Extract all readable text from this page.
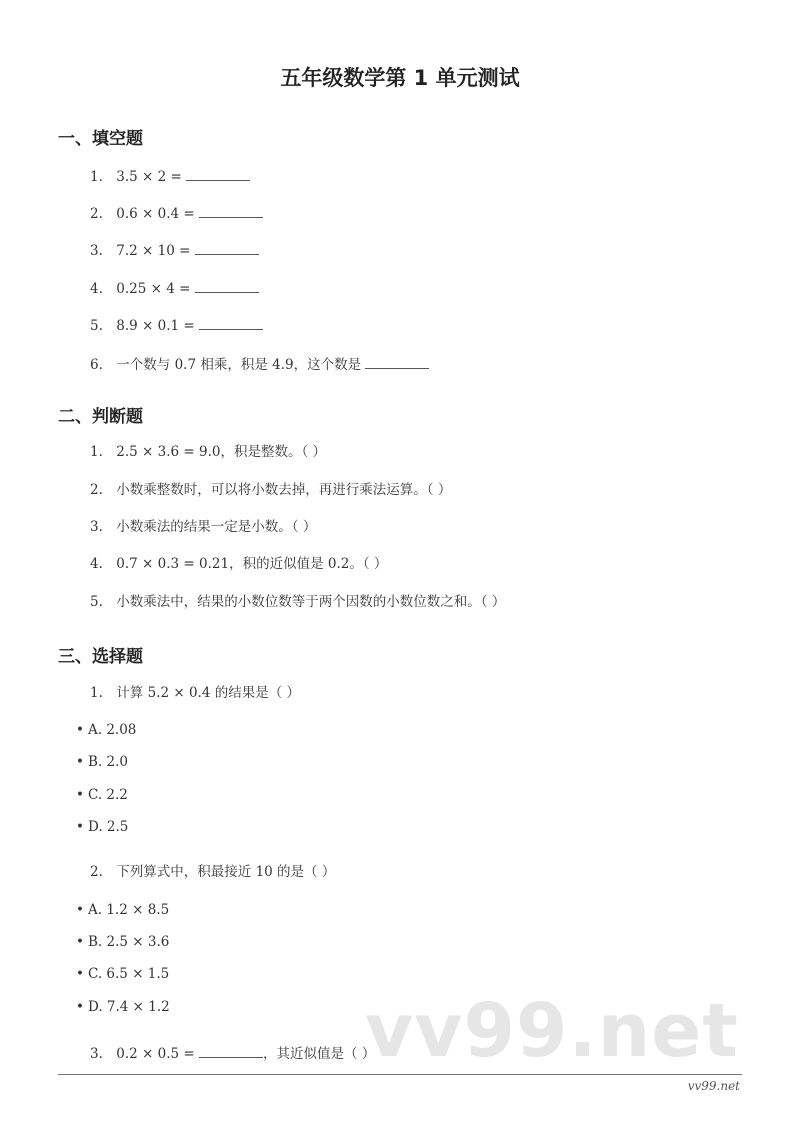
五年级数学第 1 单元测试
一、填空题
1. 3.5 × 2 =
2. 0.6 × 0.4 =
3. 7.2 × 10 =
4. 0.25 × 4 =
5. 8.9 × 0.1 =
6. 一个数与 0.7 相乘，积是 4.9，这个数是
二、判断题
1. 2.5 × 3.6 = 9.0，积是整数。（ ）
2. 小数乘整数时，可以将小数去掉，再进行乘法运算。（ ）
3. 小数乘法的结果一定是小数。（ ）
4. 0.7 × 0.3 = 0.21，积的近似值是 0.2。（ ）
5. 小数乘法中，结果的小数位数等于两个因数的小数位数之和。（ ）
三、选择题
1. 计算 5.2 × 0.4 的结果是（ ）
• A. 2.08
• B. 2.0
• C. 2.2
• D. 2.5
2. 下列算式中，积最接近 10 的是（ ）
• A. 1.2 × 8.5
• B. 2.5 × 3.6
• C. 6.5 × 1.5
• D. 7.4 × 1.2	vv99.net
3. 0.2 × 0.5 =	，其近似值是（ ）
vv99.net
